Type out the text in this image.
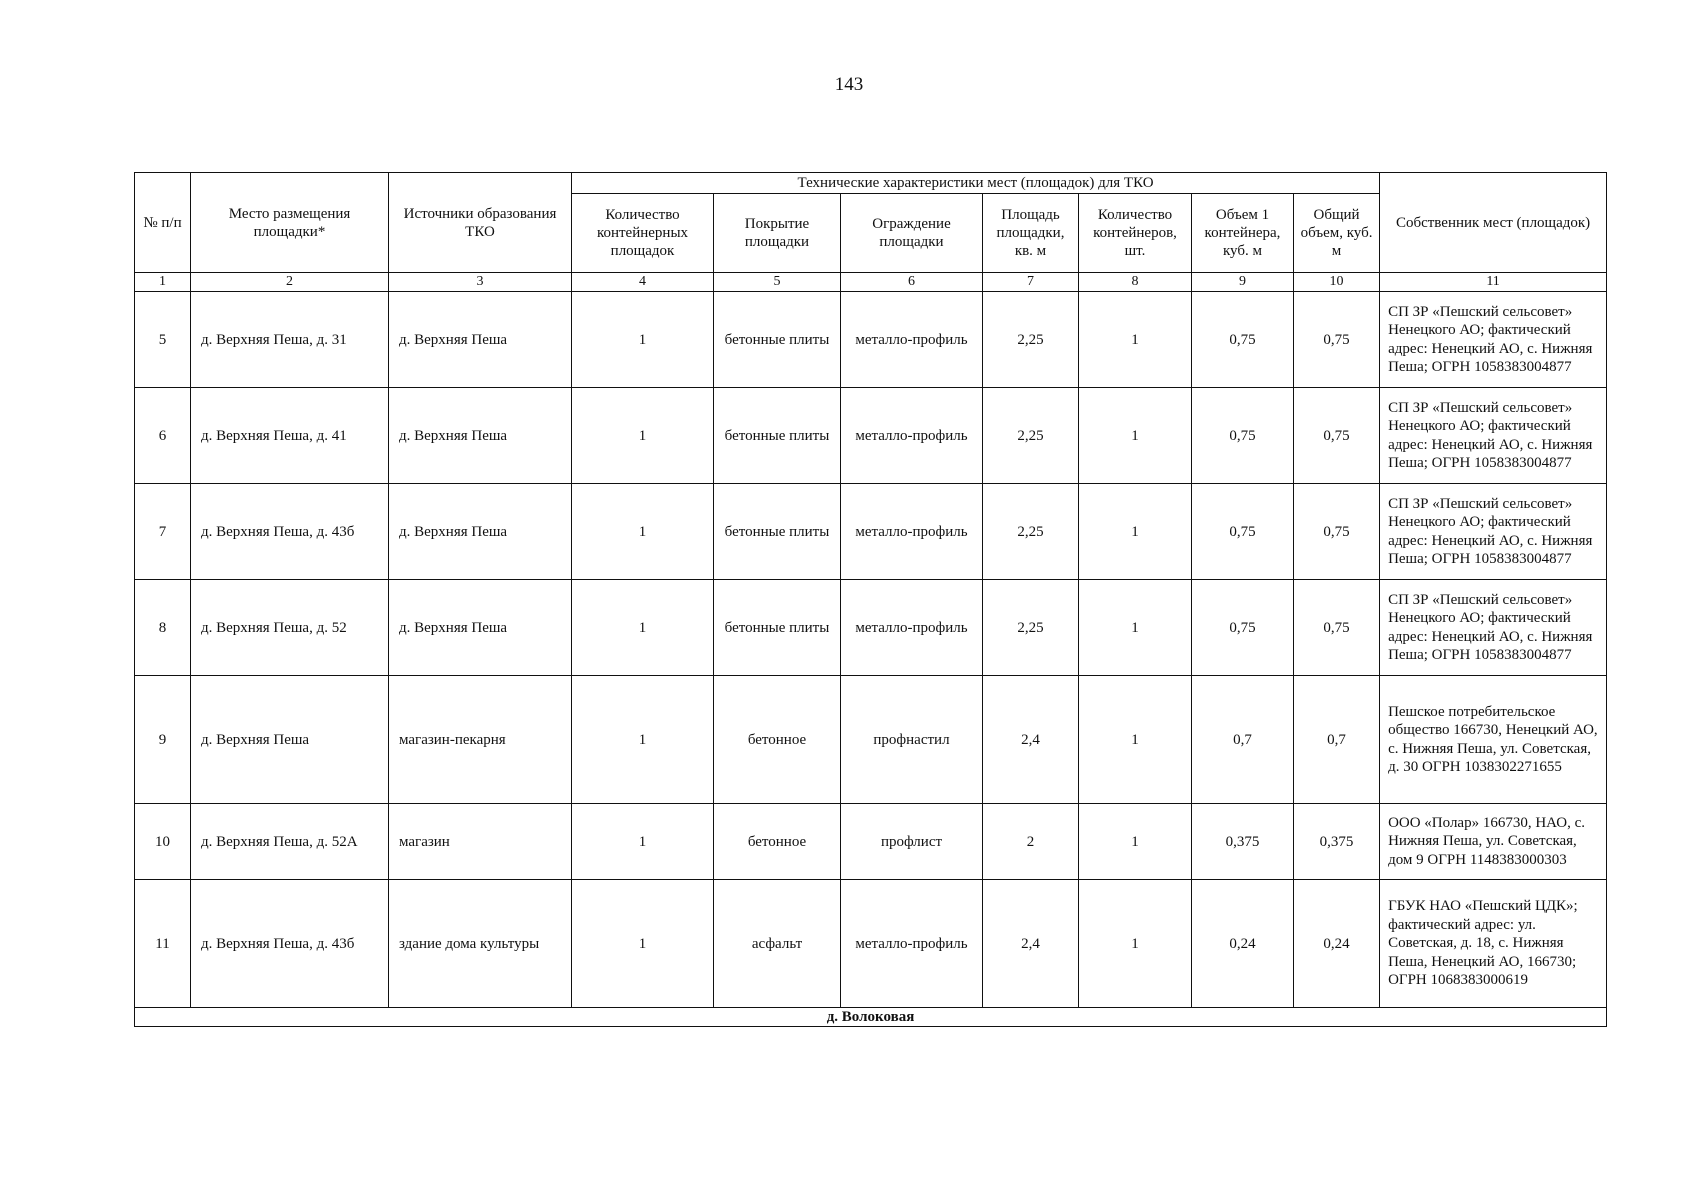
143
№ п/п	Место размещения площадки*	Источники образования ТКО	Технические характеристики мест (площадок) для ТКО							Собственник мест (площадок)
			Количество контейнерных площадок	Покрытие площадки	Ограждение площадки	Площадь площадки, кв. м	Количество контейнеров, шт.	Объем 1 контейнера, куб. м	Общий объем, куб. м	
1	2	3	4	5	6	7	8	9	10	11
5	д. Верхняя Пеша, д. 31	д. Верхняя Пеша	1	бетонные плиты	металло-профиль	2,25	1	0,75	0,75	СП ЗР «Пешский сельсовет» Ненецкого АО; фактический адрес: Ненецкий АО, с. Нижняя Пеша; ОГРН 1058383004877
6	д. Верхняя Пеша, д. 41	д. Верхняя Пеша	1	бетонные плиты	металло-профиль	2,25	1	0,75	0,75	СП ЗР «Пешский сельсовет» Ненецкого АО; фактический адрес: Ненецкий АО, с. Нижняя Пеша; ОГРН 1058383004877
7	д. Верхняя Пеша, д. 43б	д. Верхняя Пеша	1	бетонные плиты	металло-профиль	2,25	1	0,75	0,75	СП ЗР «Пешский сельсовет» Ненецкого АО; фактический адрес: Ненецкий АО, с. Нижняя Пеша; ОГРН 1058383004877
8	д. Верхняя Пеша, д. 52	д. Верхняя Пеша	1	бетонные плиты	металло-профиль	2,25	1	0,75	0,75	СП ЗР «Пешский сельсовет» Ненецкого АО; фактический адрес: Ненецкий АО, с. Нижняя Пеша; ОГРН 1058383004877
9	д. Верхняя Пеша	магазин-пекарня	1	бетонное	профнастил	2,4	1	0,7	0,7	Пешское потребительское общество 166730, Ненецкий АО, с. Нижняя Пеша, ул. Советская, д. 30 ОГРН 1038302271655
10	д. Верхняя Пеша, д. 52А	магазин	1	бетонное	профлист	2	1	0,375	0,375	ООО «Полар» 166730, НАО, с. Нижняя Пеша, ул. Советская, дом 9 ОГРН 1148383000303
11	д. Верхняя Пеша, д. 43б	здание дома культуры	1	асфальт	металло-профиль	2,4	1	0,24	0,24	ГБУК НАО «Пешский ЦДК»; фактический адрес: ул. Советская, д. 18, с. Нижняя Пеша, Ненецкий АО, 166730; ОГРН 1068383000619
д. Волоковая										
